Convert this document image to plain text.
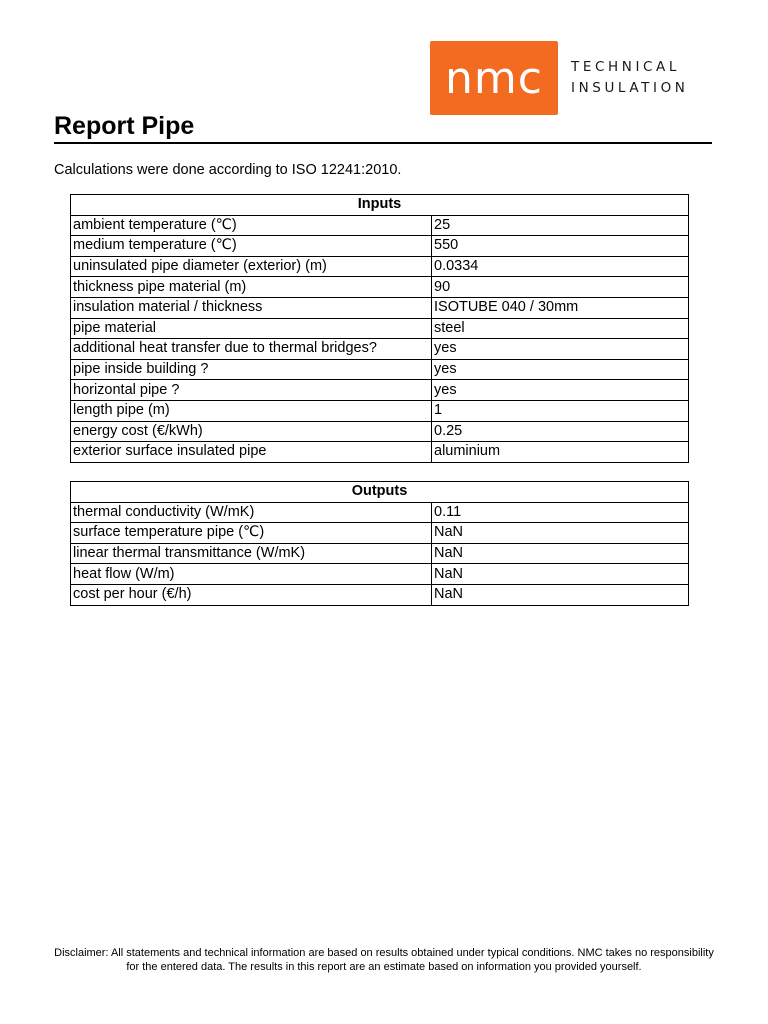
nmc TECHNICAL
INSULATION
Report Pipe
Calculations were done according to ISO 12241:2010.
Inputs	
ambient temperature (℃)	25
medium temperature (℃)	550
uninsulated pipe diameter (exterior) (m)	0.0334
thickness pipe material (m)	90
insulation material / thickness	ISOTUBE 040 / 30mm
pipe material	steel
additional heat transfer due to thermal bridges?	yes
pipe inside building ?	yes
horizontal pipe ?	yes
length pipe (m)	1
energy cost (€/kWh)	0.25
exterior surface insulated pipe	aluminium
Outputs	
thermal conductivity (W/mK)	0.11
surface temperature pipe (℃)	NaN
linear thermal transmittance (W/mK)	NaN
heat flow (W/m)	NaN
cost per hour (€/h)	NaN
Disclaimer: All statements and technical information are based on results obtained under typical conditions. NMC takes no responsibility for the entered data. The results in this report are an estimate based on information you provided yourself.
